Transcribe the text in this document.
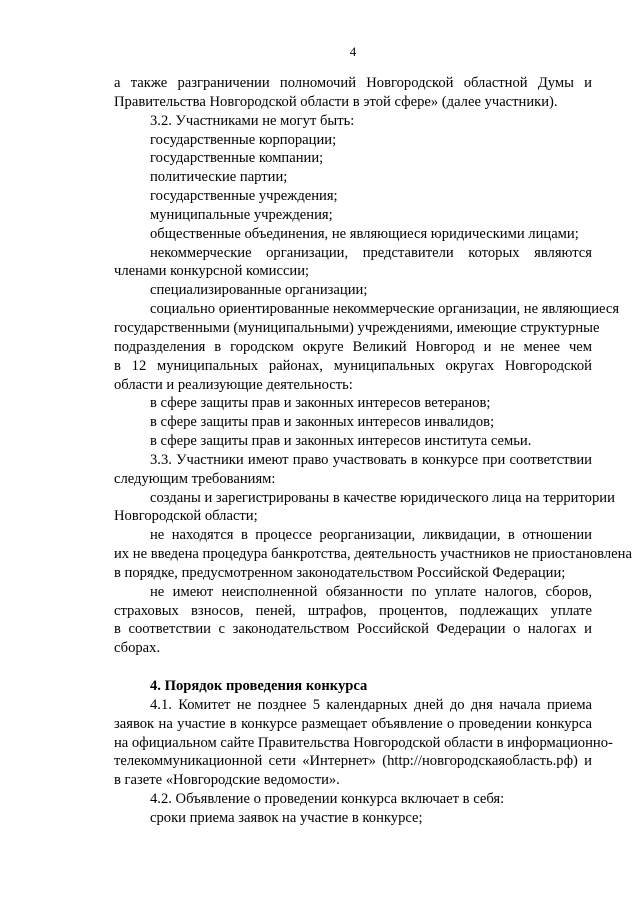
4
а также разграничении полномочий Новгородской областной Думы и
Правительства Новгородской области в этой сфере» (далее участники).
3.2. Участниками не могут быть:
государственные корпорации;
государственные компании;
политические партии;
государственные учреждения;
муниципальные учреждения;
общественные объединения, не являющиеся юридическими лицами;
некоммерческие организации, представители которых являются
членами конкурсной комиссии;
специализированные организации;
социально ориентированные некоммерческие организации, не являющиеся
государственными (муниципальными) учреждениями, имеющие структурные
подразделения в городском округе Великий Новгород и не менее чем
в 12 муниципальных районах, муниципальных округах Новгородской
области и реализующие деятельность:
в сфере защиты прав и законных интересов ветеранов;
в сфере защиты прав и законных интересов инвалидов;
в сфере защиты прав и законных интересов института семьи.
3.3. Участники имеют право участвовать в конкурсе при соответствии
следующим требованиям:
созданы и зарегистрированы в качестве юридического лица на территории
Новгородской области;
не находятся в процессе реорганизации, ликвидации, в отношении
их не введена процедура банкротства, деятельность участников не приостановлена
в порядке, предусмотренном законодательством Российской Федерации;
не имеют неисполненной обязанности по уплате налогов, сборов,
страховых взносов, пеней, штрафов, процентов, подлежащих уплате
в соответствии с законодательством Российской Федерации о налогах и
сборах.
4. Порядок проведения конкурса
4.1. Комитет не позднее 5 календарных дней до дня начала приема
заявок на участие в конкурсе размещает объявление о проведении конкурса
на официальном сайте Правительства Новгородской области в информационно-
телекоммуникационной сети «Интернет» (http://новгородскаяобласть.рф) и
в газете «Новгородские ведомости».
4.2. Объявление о проведении конкурса включает в себя:
сроки приема заявок на участие в конкурсе;
